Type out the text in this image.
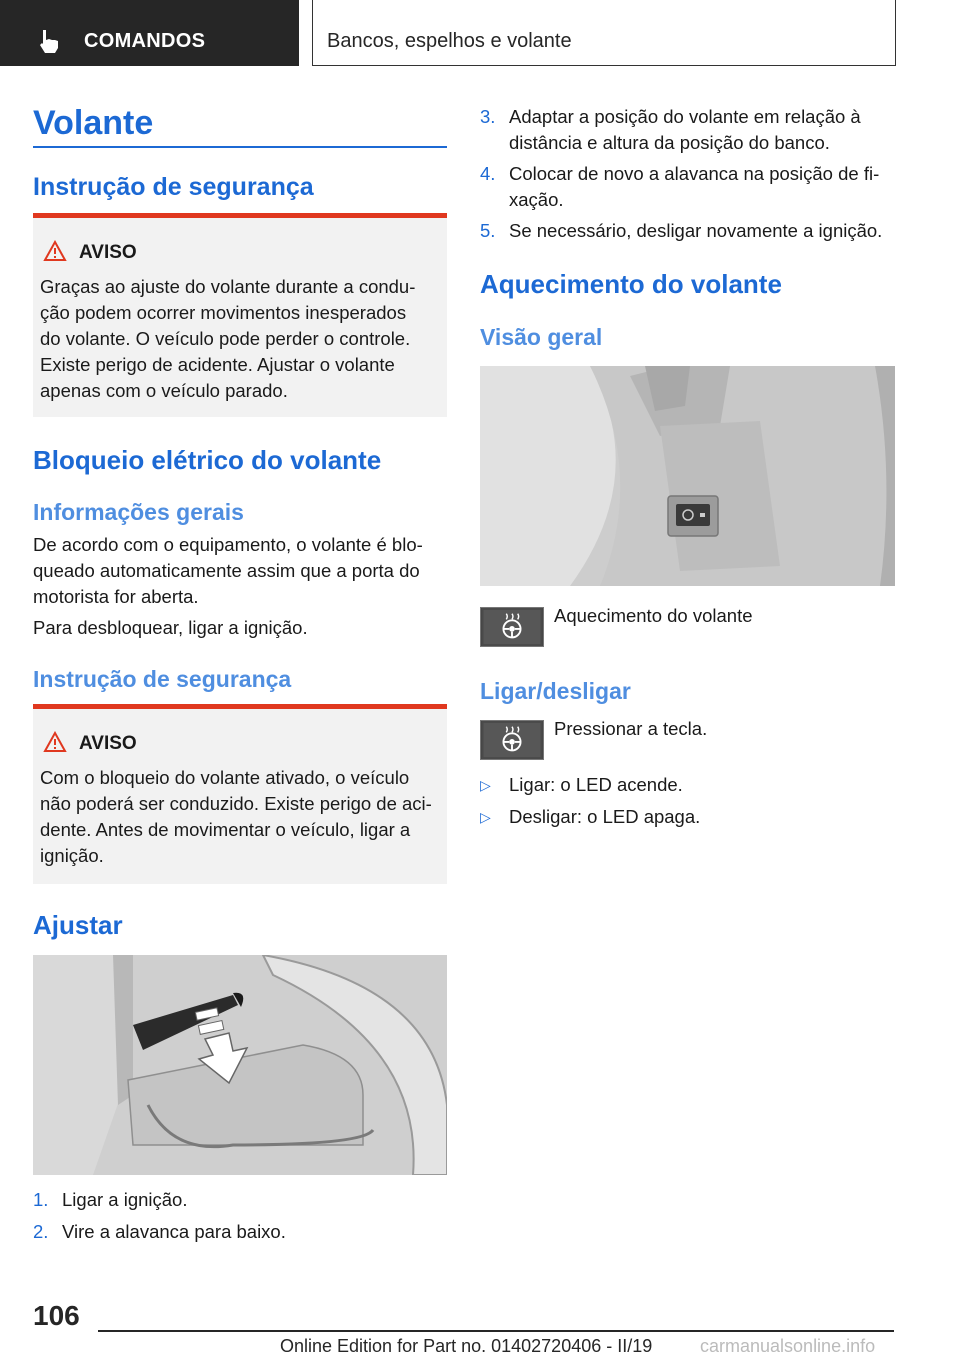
COMANDOS	Bancos, espelhos e volante
Volante
Instrução de segurança
AVISO
Graças ao ajuste do volante durante a condu-
ção podem ocorrer movimentos inesperados
do volante. O veículo pode perder o controle.
Existe perigo de acidente. Ajustar o volante
apenas com o veículo parado.
Bloqueio elétrico do volante
Informações gerais
De acordo com o equipamento, o volante é blo-
queado automaticamente assim que a porta do
motorista for aberta.
Para desbloquear, ligar a ignição.
Instrução de segurança
AVISO
Com o bloqueio do volante ativado, o veículo
não poderá ser conduzido. Existe perigo de aci-
dente. Antes de movimentar o veículo, ligar a
ignição.
Ajustar
1. Ligar a ignição.
2. Vire a alavanca para baixo.
3. Adaptar a posição do volante em relação à
distância e altura da posição do banco.
4. Colocar de novo a alavanca na posição de fi-
xação.
5. Se necessário, desligar novamente a ignição.
Aquecimento do volante
Visão geral
Aquecimento do volante
Ligar/desligar
Pressionar a tecla.
▷ Ligar: o LED acende.
▷ Desligar: o LED apaga.
106
Online Edition for Part no. 01402720406 - II/19	carmanualsonline.info
